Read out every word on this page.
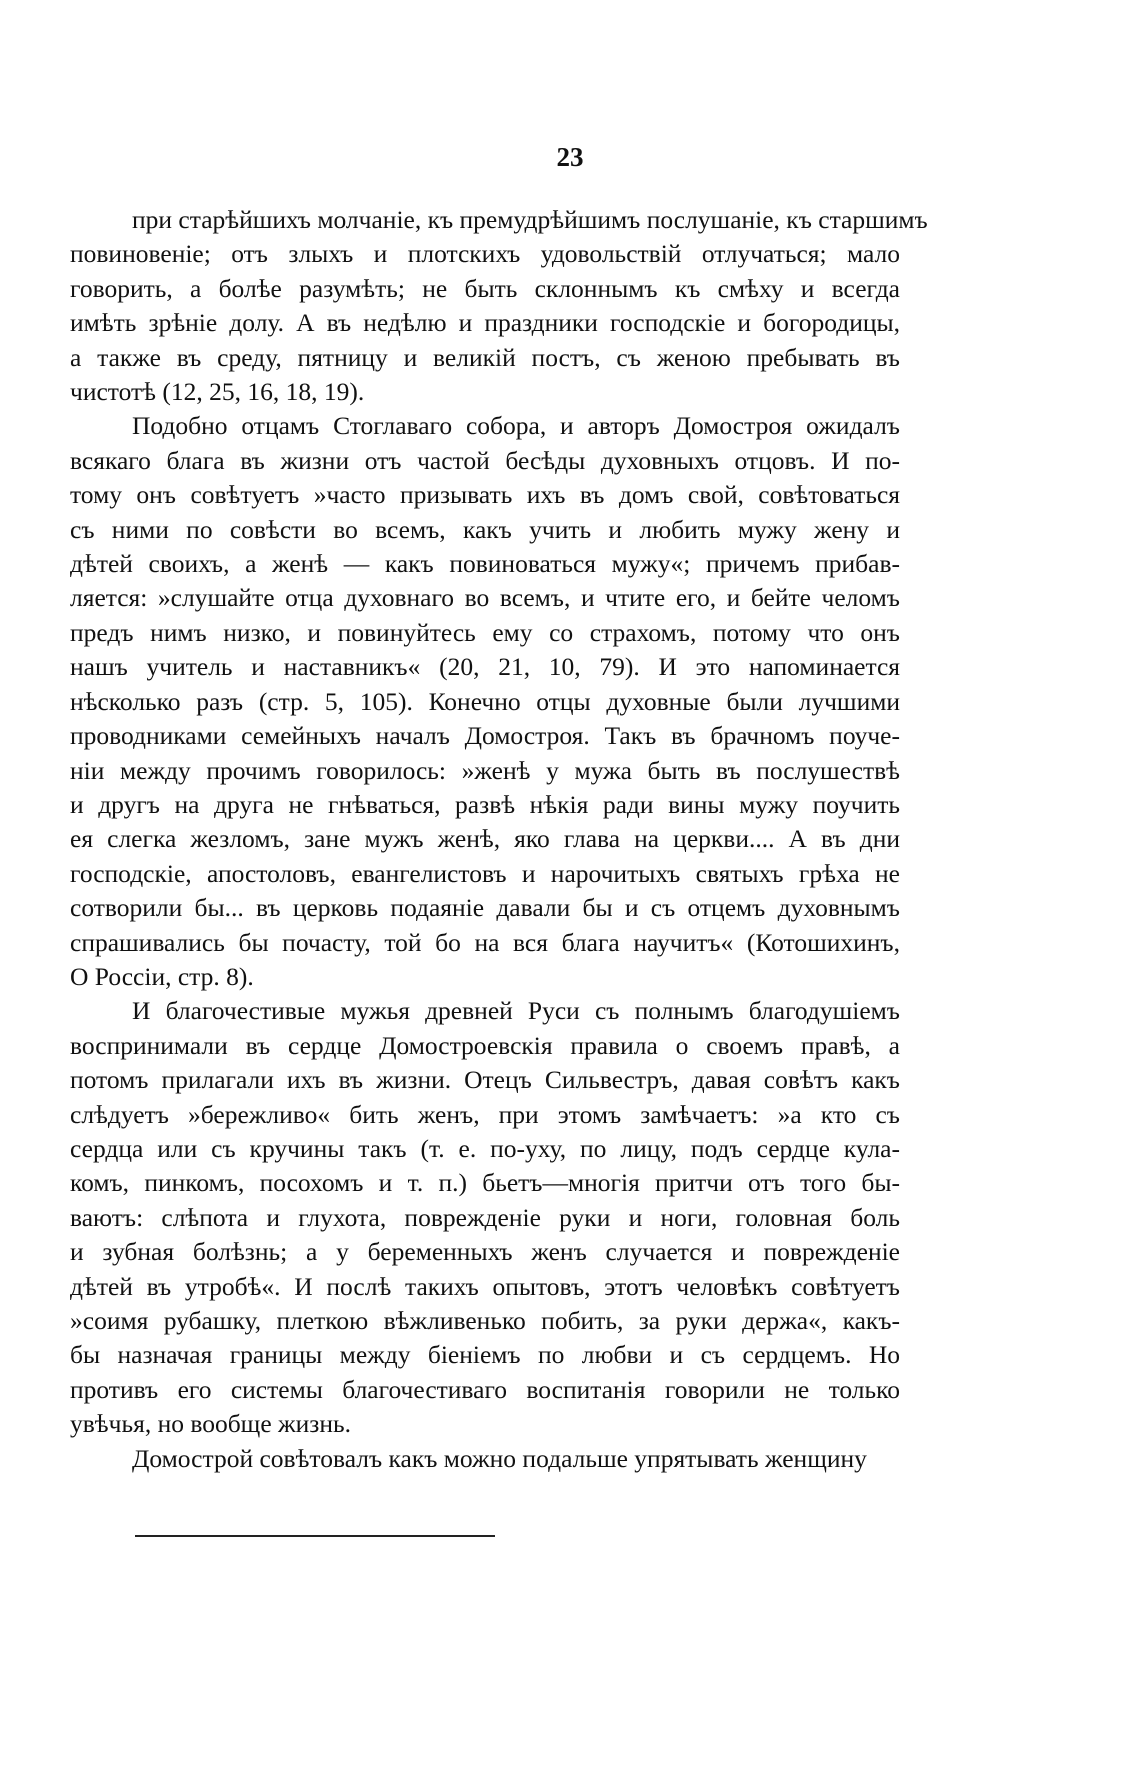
23
при старѣйшихъ молчаніе, къ премудрѣйшимъ послушаніе, къ старшимъ
повиновеніе; отъ злыхъ и плотскихъ удовольствій отлучаться; мало
говорить, а болѣе разумѣть; не быть склоннымъ къ смѣху и всегда
имѣть зрѣніе долу. А въ недѣлю и праздники господскіе и богородицы,
а также въ среду, пятницу и великій постъ, съ женою пребывать въ
чистотѣ (12, 25, 16, 18, 19).
Подобно отцамъ Стоглаваго собора, и авторъ Домостроя ожидалъ
всякаго блага въ жизни отъ частой бесѣды духовныхъ отцовъ. И по-
тому онъ совѣтуетъ »часто призывать ихъ въ домъ свой, совѣтоваться
съ ними по совѣсти во всемъ, какъ учить и любить мужу жену и
дѣтей своихъ, а женѣ — какъ повиноваться мужу«; причемъ прибав-
ляется: »слушайте отца духовнаго во всемъ, и чтите его, и бейте челомъ
предъ нимъ низко, и повинуйтесь ему со страхомъ, потому что онъ
нашъ учитель и наставникъ« (20, 21, 10, 79). И это напоминается
нѣсколько разъ (стр. 5, 105). Конечно отцы духовные были лучшими
проводниками семейныхъ началъ Домостроя. Такъ въ брачномъ поуче-
ніи между прочимъ говорилось: »женѣ у мужа быть въ послушествѣ
и другъ на друга не гнѣваться, развѣ нѣкія ради вины мужу поучить
ея слегка жезломъ, зане мужъ женѣ, яко глава на церкви.... А въ дни
господскіе, апостоловъ, евангелистовъ и нарочитыхъ святыхъ грѣха не
сотворили бы... въ церковь подаяніе давали бы и съ отцемъ духовнымъ
спрашивались бы почасту, той бо на вся блага научитъ« (Котошихинъ,
О Россіи, стр. 8).
И благочестивые мужья древней Руси съ полнымъ благодушіемъ
воспринимали въ сердце Домостроевскія правила о своемъ правѣ, а
потомъ прилагали ихъ въ жизни. Отецъ Сильвестръ, давая совѣтъ какъ
слѣдуетъ »бережливо« бить женъ, при этомъ замѣчаетъ: »а кто съ
сердца или съ кручины такъ (т. е. по-уху, по лицу, подъ сердце кула-
комъ, пинкомъ, посохомъ и т. п.) бьетъ—многія притчи отъ того бы-
ваютъ: слѣпота и глухота, поврежденіе руки и ноги, головная боль
и зубная болѣзнь; а у беременныхъ женъ случается и поврежденіе
дѣтей въ утробѣ«. И послѣ такихъ опытовъ, этотъ человѣкъ совѣтуетъ
»соимя рубашку, плеткою вѣжливенько побить, за руки держа«, какъ-
бы назначая границы между біеніемъ по любви и съ сердцемъ. Но
противъ его системы благочестиваго воспитанія говорили не только
увѣчья, но вообще жизнь.
Домострой совѣтовалъ какъ можно подальше упрятывать женщину
